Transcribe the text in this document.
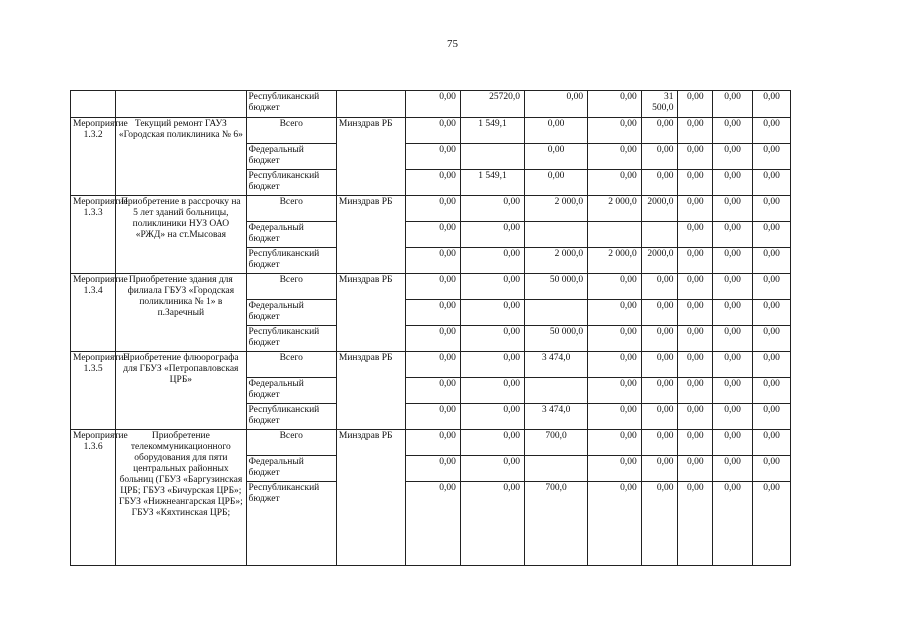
75
		Республиканский бюджет		0,00	25720,0	0,00	0,00	31 500,0	0,00	0,00	0,00
Мероприятие 1.3.2	Текущий ремонт ГАУЗ «Городская поликлиника № 6»	Всего	Минздрав РБ	0,00	1 549,1	0,00	0,00	0,00	0,00	0,00	0,00
		Федеральный бюджет		0,00		0,00	0,00	0,00	0,00	0,00	0,00
		Республиканский бюджет		0,00	1 549,1	0,00	0,00	0,00	0,00	0,00	0,00
Мероприятие 1.3.3	Приобретение в рассрочку на 5 лет зданий больницы, поликлиники НУЗ ОАО «РЖД» на ст.Мысовая	Всего	Минздрав РБ	0,00	0,00	2 000,0	2 000,0	2000,0	0,00	0,00	0,00
		Федеральный бюджет		0,00	0,00				0,00	0,00	0,00
		Республиканский бюджет		0,00	0,00	2 000,0	2 000,0	2000,0	0,00	0,00	0,00
Мероприятие 1.3.4	Приобретение здания для филиала ГБУЗ «Городская поликлиника № 1» в п.Заречный	Всего	Минздрав РБ	0,00	0,00	50 000,0	0,00	0,00	0,00	0,00	0,00
		Федеральный бюджет		0,00	0,00		0,00	0,00	0,00	0,00	0,00
		Республиканский бюджет		0,00	0,00	50 000,0	0,00	0,00	0,00	0,00	0,00
Мероприятие 1.3.5	Приобретение флюорографа для ГБУЗ «Петропавловская ЦРБ»	Всего	Минздрав РБ	0,00	0,00	3 474,0	0,00	0,00	0,00	0,00	0,00
		Федеральный бюджет		0,00	0,00		0,00	0,00	0,00	0,00	0,00
		Республиканский бюджет		0,00	0,00	3 474,0	0,00	0,00	0,00	0,00	0,00
Мероприятие 1.3.6	Приобретение телекоммуникационного оборудования для пяти центральных районных больниц (ГБУЗ «Баргузинская ЦРБ; ГБУЗ «Бичурская ЦРБ»; ГБУЗ «Нижнеангарская ЦРБ»; ГБУЗ «Кяхтинская ЦРБ;	Всего	Минздрав РБ	0,00	0,00	700,0	0,00	0,00	0,00	0,00	0,00
		Федеральный бюджет		0,00	0,00		0,00	0,00	0,00	0,00	0,00
		Республиканский бюджет		0,00	0,00	700,0	0,00	0,00	0,00	0,00	0,00
